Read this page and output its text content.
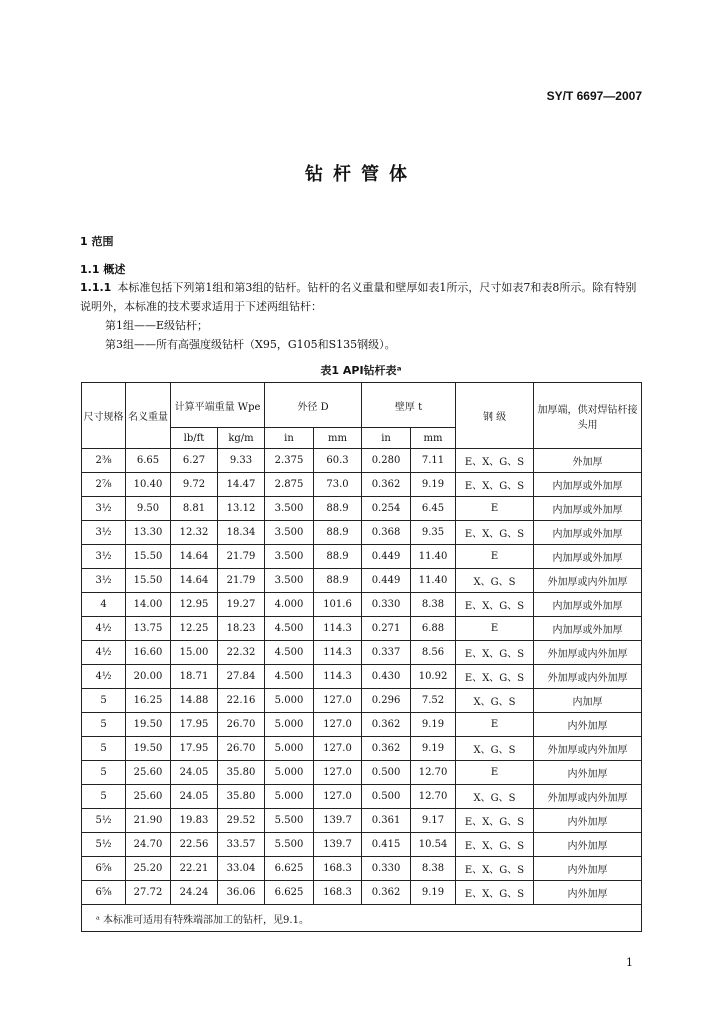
SY/T 6697—2007
钻杆管体
1 范围
1.1 概述
1.1.1 本标准包括下列第1组和第3组的钻杆。钻杆的名义重量和壁厚如表1所示，尺寸如表7和表8所示。除有特别说明外，本标准的技术要求适用于下述两组钻杆：
第1组——E级钻杆；
第3组——所有高强度级钻杆（X95，G105和S135钢级）。
表1 API钻杆表ᵃ
尺寸规格	名义重量	计算平端重量 Wpe		外径 D		壁厚 t		钢 级	加厚端，供对焊钻杆接头用
		lb/ft	kg/m	in	mm	in	mm		
2⅜	6.65	6.27	9.33	2.375	60.3	0.280	7.11	E、X、G、S	外加厚
2⅞	10.40	9.72	14.47	2.875	73.0	0.362	9.19	E、X、G、S	内加厚或外加厚
3½	9.50	8.81	13.12	3.500	88.9	0.254	6.45	E	内加厚或外加厚
3½	13.30	12.32	18.34	3.500	88.9	0.368	9.35	E、X、G、S	内加厚或外加厚
3½	15.50	14.64	21.79	3.500	88.9	0.449	11.40	E	内加厚或外加厚
3½	15.50	14.64	21.79	3.500	88.9	0.449	11.40	X、G、S	外加厚或内外加厚
4	14.00	12.95	19.27	4.000	101.6	0.330	8.38	E、X、G、S	内加厚或外加厚
4½	13.75	12.25	18.23	4.500	114.3	0.271	6.88	E	内加厚或外加厚
4½	16.60	15.00	22.32	4.500	114.3	0.337	8.56	E、X、G、S	外加厚或内外加厚
4½	20.00	18.71	27.84	4.500	114.3	0.430	10.92	E、X、G、S	外加厚或内外加厚
5	16.25	14.88	22.16	5.000	127.0	0.296	7.52	X、G、S	内加厚
5	19.50	17.95	26.70	5.000	127.0	0.362	9.19	E	内外加厚
5	19.50	17.95	26.70	5.000	127.0	0.362	9.19	X、G、S	外加厚或内外加厚
5	25.60	24.05	35.80	5.000	127.0	0.500	12.70	E	内外加厚
5	25.60	24.05	35.80	5.000	127.0	0.500	12.70	X、G、S	外加厚或内外加厚
5½	21.90	19.83	29.52	5.500	139.7	0.361	9.17	E、X、G、S	内外加厚
5½	24.70	22.56	33.57	5.500	139.7	0.415	10.54	E、X、G、S	内外加厚
6⅝	25.20	22.21	33.04	6.625	168.3	0.330	8.38	E、X、G、S	内外加厚
6⅝	27.72	24.24	36.06	6.625	168.3	0.362	9.19	E、X、G、S	内外加厚
ᵃ 本标准可适用有特殊端部加工的钻杆，见9.1。									
1
